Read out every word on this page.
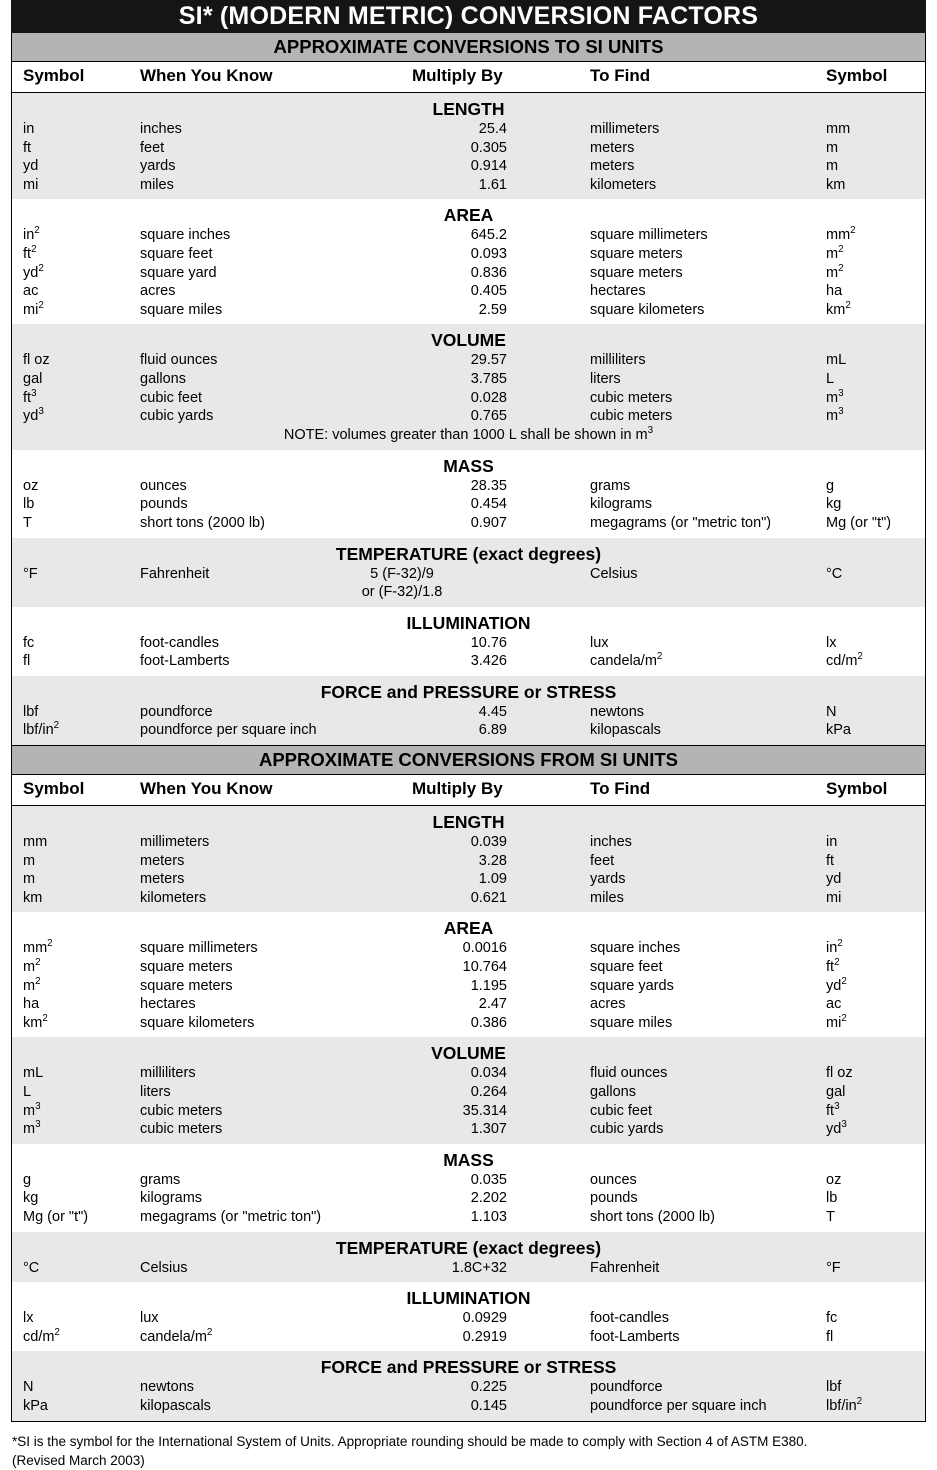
SI* (MODERN METRIC) CONVERSION FACTORS
APPROXIMATE CONVERSIONS TO SI UNITS
Symbol	When You Know	Multiply By	To Find	Symbol
LENGTH
in	inches	25.4	millimeters	mm
ft	feet	0.305	meters	m
yd	yards	0.914	meters	m
mi	miles	1.61	kilometers	km
AREA
$in^2$	square inches	645.2	square millimeters	$mm^2$
$ft^2$	square feet	0.093	square meters	$m^2$
$yd^2$	square yard	0.836	square meters	$m^2$
ac	acres	0.405	hectares	ha
$mi^2$	square miles	2.59	square kilometers	$km^2$
VOLUME
fl oz	fluid ounces	29.57	milliliters	mL
gal	gallons	3.785	liters	L
$ft^3$	cubic feet	0.028	cubic meters	$m^3$
$yd^3$	cubic yards	0.765	cubic meters	$m^3$
NOTE: volumes greater than 1000 L shall be shown in $m^3$
MASS
oz	ounces	28.35	grams	g
lb	pounds	0.454	kilograms	kg
T	short tons (2000 lb)	0.907	megagrams (or "metric ton")	Mg (or "t")
TEMPERATURE (exact degrees)
°F	Fahrenheit	5 (F-32)/9	Celsius	°C
or (F-32)/1.8
ILLUMINATION
fc	foot-candles	10.76	lux	lx
fl	foot-Lamberts	3.426	candela/$m^2$	$cd/m^2$
FORCE and PRESSURE or STRESS
lbf	poundforce	4.45	newtons	N
lbf/$in^2$	poundforce per square inch	6.89	kilopascals	kPa
APPROXIMATE CONVERSIONS FROM SI UNITS
Symbol	When You Know	Multiply By	To Find	Symbol
LENGTH
mm	millimeters	0.039	inches	in
m	meters	3.28	feet	ft
m	meters	1.09	yards	yd
km	kilometers	0.621	miles	mi
AREA
$mm^2$	square millimeters	0.0016	square inches	$in^2$
$m^2$	square meters	10.764	square feet	$ft^2$
$m^2$	square meters	1.195	square yards	$yd^2$
ha	hectares	2.47	acres	ac
$km^2$	square kilometers	0.386	square miles	$mi^2$
VOLUME
mL	milliliters	0.034	fluid ounces	fl oz
L	liters	0.264	gallons	gal
$m^3$	cubic meters	35.314	cubic feet	$ft^3$
$m^3$	cubic meters	1.307	cubic yards	$yd^3$
MASS
g	grams	0.035	ounces	oz
kg	kilograms	2.202	pounds	lb
Mg (or "t")	megagrams (or "metric ton")	1.103	short tons (2000 lb)	T
TEMPERATURE (exact degrees)
°C	Celsius	1.8C+32	Fahrenheit	°F
ILLUMINATION
lx	lux	0.0929	foot-candles	fc
$cd/m^2$	candela/$m^2$	0.2919	foot-Lamberts	fl
FORCE and PRESSURE or STRESS
N	newtons	0.225	poundforce	lbf
kPa	kilopascals	0.145	poundforce per square inch	lbf/$in^2$
*SI is the symbol for the International System of Units. Appropriate rounding should be made to comply with Section 4 of ASTM E380.
(Revised March 2003)
